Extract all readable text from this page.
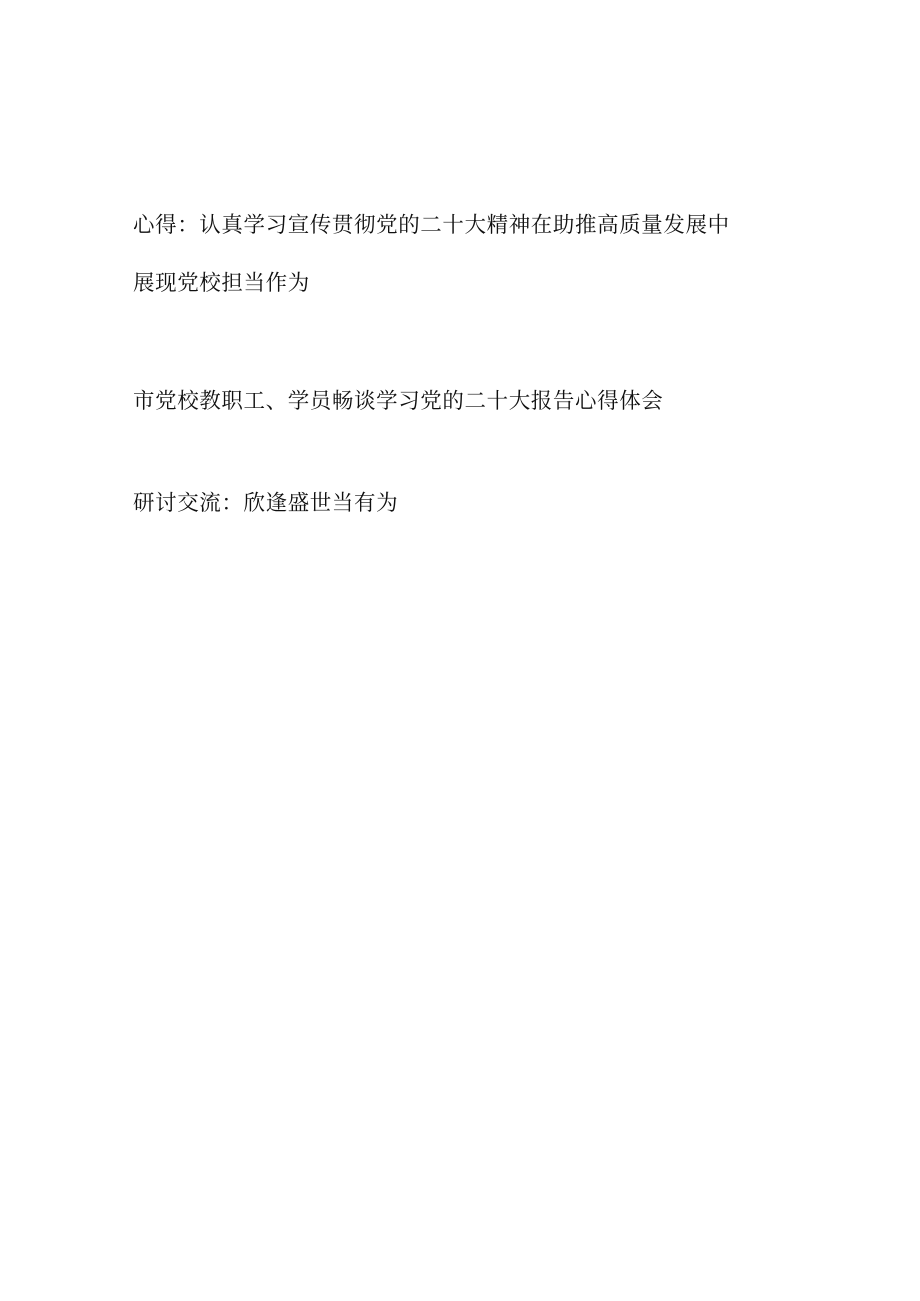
心得：认真学习宣传贯彻党的二十大精神在助推高质量发展中
展现党校担当作为
市党校教职工、学员畅谈学习党的二十大报告心得体会
研讨交流：欣逢盛世当有为
